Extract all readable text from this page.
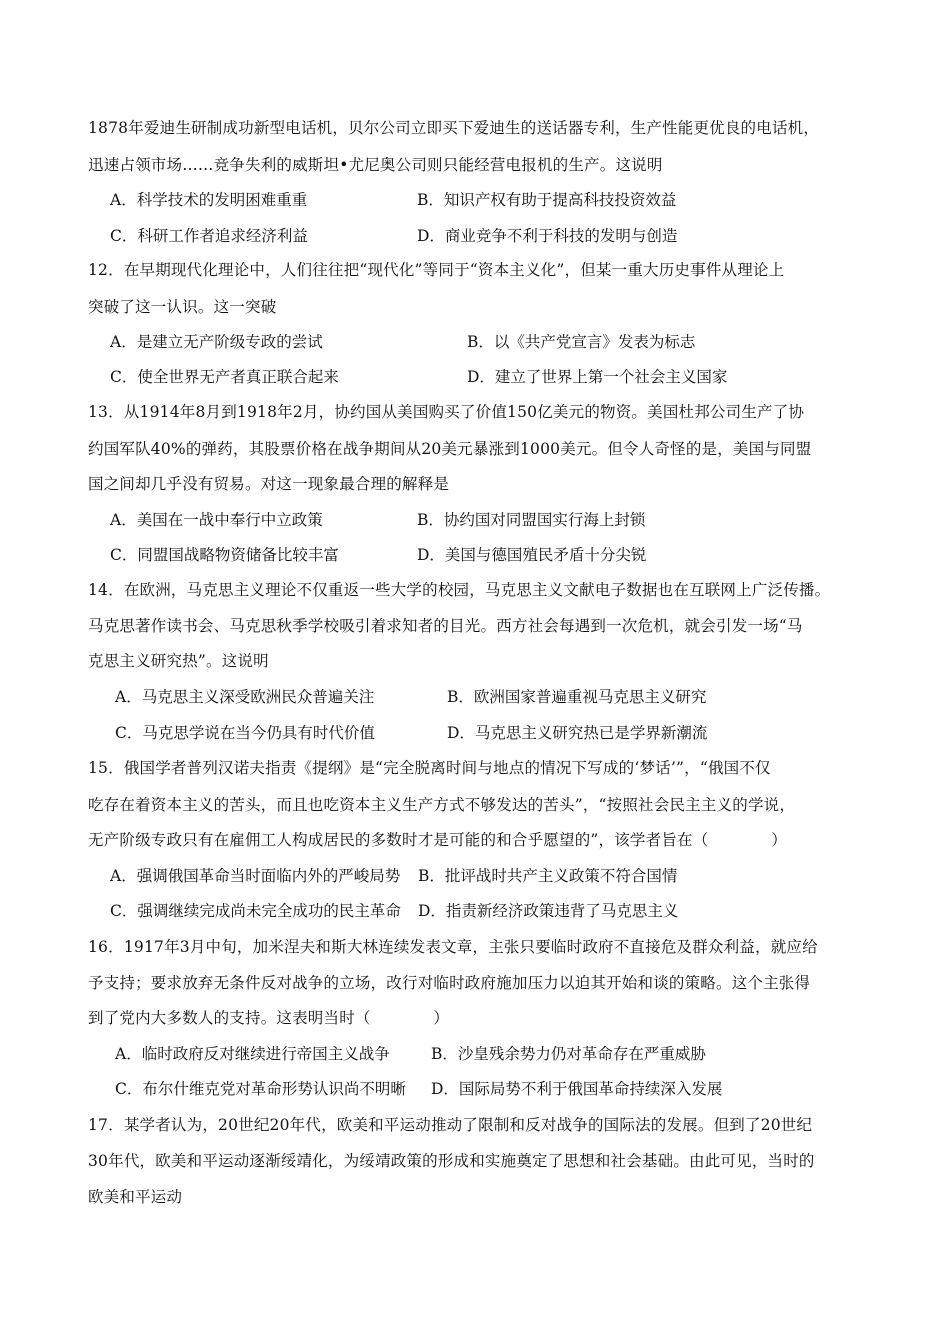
1878年爱迪生研制成功新型电话机，贝尔公司立即买下爱迪生的送话器专利，生产性能更优良的电话机，
迅速占领市场……竞争失利的威斯坦•尤尼奥公司则只能经营电报机的生产。这说明
A．科学技术的发明困难重重	B．知识产权有助于提高科技投资效益
C．科研工作者追求经济利益	D．商业竞争不利于科技的发明与创造
12．在早期现代化理论中，人们往往把“现代化”等同于“资本主义化”，但某一重大历史事件从理论上
突破了这一认识。这一突破
A．是建立无产阶级专政的尝试	B．以《共产党宣言》发表为标志
C．使全世界无产者真正联合起来	D．建立了世界上第一个社会主义国家
13．从1914年8月到1918年2月，协约国从美国购买了价值150亿美元的物资。美国杜邦公司生产了协
约国军队40%的弹药，其股票价格在战争期间从20美元暴涨到1000美元。但令人奇怪的是，美国与同盟
国之间却几乎没有贸易。对这一现象最合理的解释是
A．美国在一战中奉行中立政策	B．协约国对同盟国实行海上封锁
C．同盟国战略物资储备比较丰富	D．美国与德国殖民矛盾十分尖锐
14．在欧洲，马克思主义理论不仅重返一些大学的校园，马克思主义文献电子数据也在互联网上广泛传播。
马克思著作读书会、马克思秋季学校吸引着求知者的目光。西方社会每遇到一次危机，就会引发一场“马
克思主义研究热”。这说明
A．马克思主义深受欧洲民众普遍关注	B．欧洲国家普遍重视马克思主义研究
C．马克思学说在当今仍具有时代价值	D．马克思主义研究热已是学界新潮流
15．俄国学者普列汉诺夫指责《提纲》是“完全脱离时间与地点的情况下写成的‘梦话’”，“俄国不仅
吃存在着资本主义的苦头，而且也吃资本主义生产方式不够发达的苦头”，“按照社会民主主义的学说，
无产阶级专政只有在雇佣工人构成居民的多数时才是可能的和合乎愿望的”，该学者旨在（　　　　）
A．强调俄国革命当时面临内外的严峻局势 B．批评战时共产主义政策不符合国情
C．强调继续完成尚未完全成功的民主革命 D．指责新经济政策违背了马克思主义
16．1917年3月中旬，加米涅夫和斯大林连续发表文章，主张只要临时政府不直接危及群众利益，就应给
予支持；要求放弃无条件反对战争的立场，改行对临时政府施加压力以迫其开始和谈的策略。这个主张得
到了党内大多数人的支持。这表明当时（　　　　）
A．临时政府反对继续进行帝国主义战争	B．沙皇残余势力仍对革命存在严重威胁
C．布尔什维克党对革命形势认识尚不明晰 D．国际局势不利于俄国革命持续深入发展
17．某学者认为，20世纪20年代，欧美和平运动推动了限制和反对战争的国际法的发展。但到了20世纪
30年代，欧美和平运动逐渐绥靖化，为绥靖政策的形成和实施奠定了思想和社会基础。由此可见，当时的
欧美和平运动
